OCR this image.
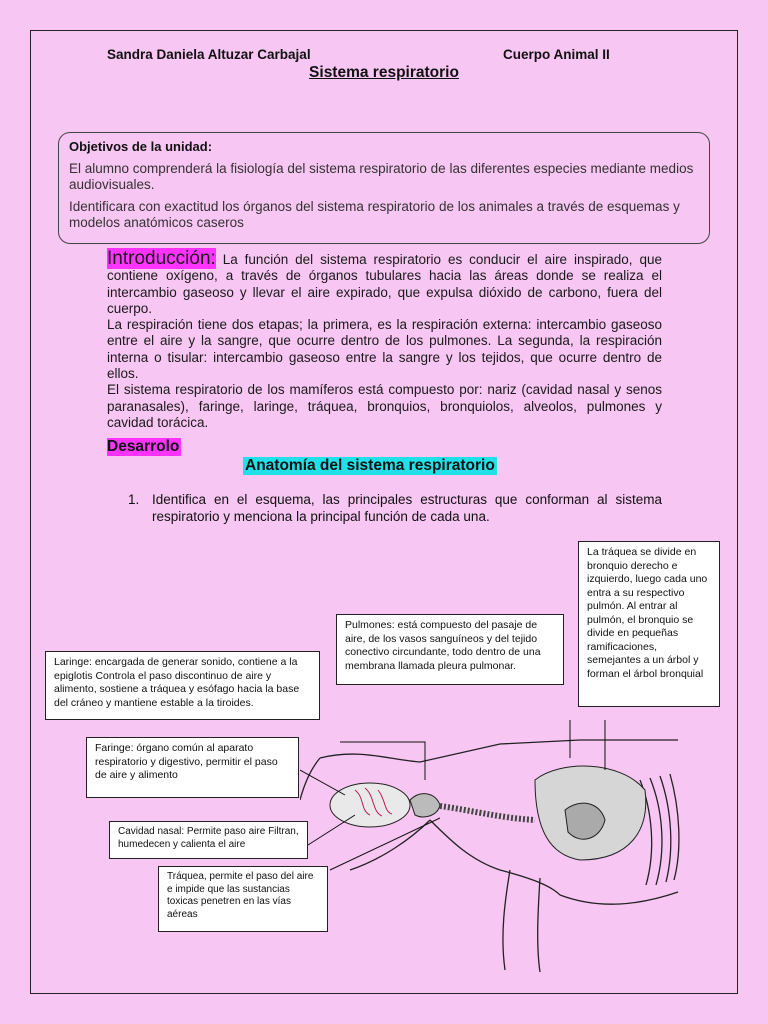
Sandra Daniela Altuzar Carbajal	Cuerpo Animal II
Sistema respiratorio

Objetivos de la unidad:

El alumno comprenderá la fisiología del sistema respiratorio de las diferentes especies mediante medios audiovisuales.

Identificara con exactitud los órganos del sistema respiratorio de los animales a través de esquemas y modelos anatómicos caseros

Introducción: La función del sistema respiratorio es conducir el aire inspirado, que contiene oxígeno, a través de órganos tubulares hacia las áreas donde se realiza el intercambio gaseoso y llevar el aire expirado, que expulsa dióxido de carbono, fuera del cuerpo.

La respiración tiene dos etapas; la primera, es la respiración externa: intercambio gaseoso entre el aire y la sangre, que ocurre dentro de los pulmones. La segunda, la respiración interna o tisular: intercambio gaseoso entre la sangre y los tejidos, que ocurre dentro de ellos.

El sistema respiratorio de los mamíferos está compuesto por: nariz (cavidad nasal y senos paranasales), faringe, laringe, tráquea, bronquios, bronquiolos, alveolos, pulmones y cavidad torácica.

Desarrolo
Anatomía del sistema respiratorio
1. Identifica en el esquema, las principales estructuras que conforman al sistema respiratorio y menciona la principal función de cada una.
La tráquea se divide en bronquio derecho e izquierdo, luego cada uno entra a su respectivo pulmón. Al entrar al pulmón, el bronquio se divide en pequeñas ramificaciones, semejantes a un árbol y forman el árbol bronquial
Pulmones: está compuesto del pasaje de aire, de los vasos sanguíneos y del tejido conectivo circundante, todo dentro de una membrana llamada pleura pulmonar.
Laringe: encargada de generar sonido, contiene a la epiglotis Controla el paso discontinuo de aire y alimento, sostiene a tráquea y esófago hacia la base del cráneo y mantiene estable a la tiroides.
Faringe: órgano común al aparato respiratorio y digestivo, permitir el paso de aire y alimento
Cavidad nasal: Permite paso aire Filtran, humedecen y calienta el aire
Tráquea, permite el paso del aire e impide que las sustancias toxicas penetren en las vías aéreas
